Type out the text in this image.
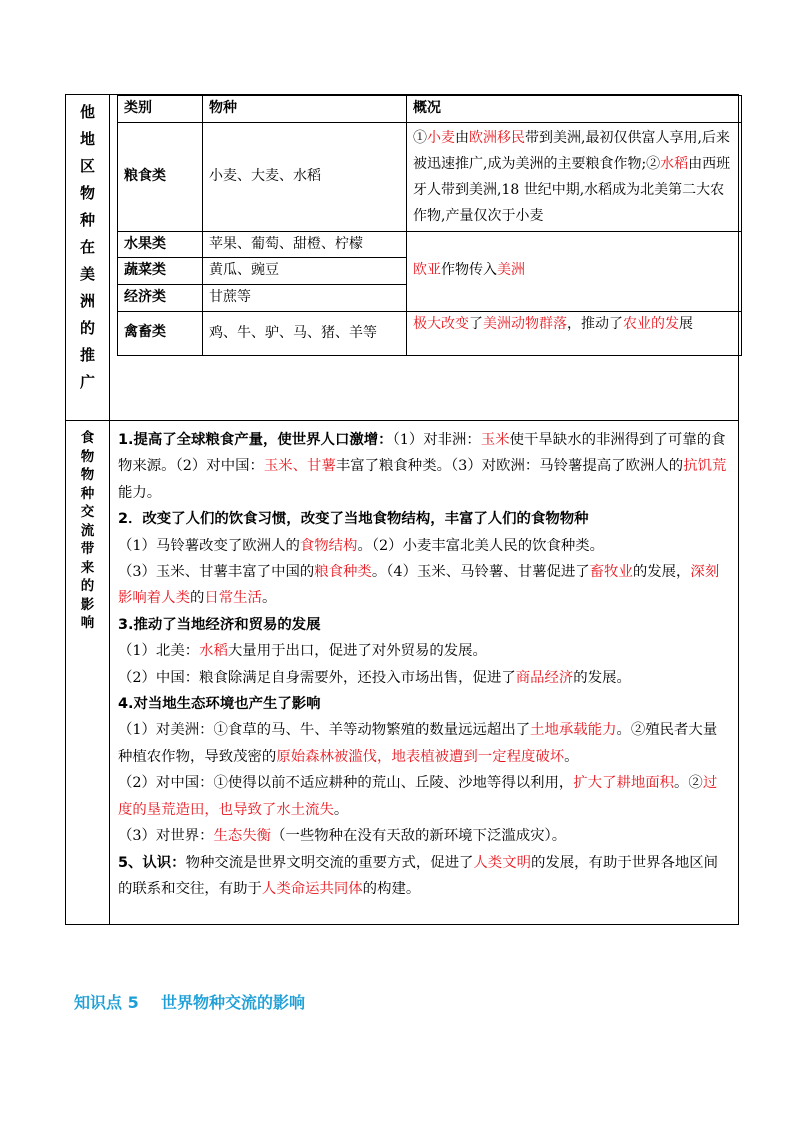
他
地
区
物
种
在
美
洲
的
推
广

类别	物种	概况
粮食类	小麦、大麦、水稻	①小麦由欧洲移民带到美洲,最初仅供富人享用,后来被迅速推广,成为美洲的主要粮食作物;②水稻由西班牙人带到美洲,18 世纪中期,水稻成为北美第二大农作物,产量仅次于小麦
水果类	苹果、葡萄、甜橙、柠檬	欧亚作物传入美洲
蔬菜类	黄瓜、豌豆
经济类	甘蔗等
禽畜类	鸡、牛、驴、马、猪、羊等	极大改变了美洲动物群落，推动了农业的发展

食
物
物
种
交
流
带
来
的
影
响

1.提高了全球粮食产量，使世界人口激增：（1）对非洲：玉米使干旱缺水的非洲得到了可靠的食物来源。（2）对中国：玉米、甘薯丰富了粮食种类。（3）对欧洲：马铃薯提高了欧洲人的抗饥荒能力。

2．改变了人们的饮食习惯，改变了当地食物结构，丰富了人们的食物物种

（1）马铃薯改变了欧洲人的食物结构。（2）小麦丰富北美人民的饮食种类。

（3）玉米、甘薯丰富了中国的粮食种类。（4）玉米、马铃薯、甘薯促进了畜牧业的发展，深刻影响着人类的日常生活。

3.推动了当地经济和贸易的发展

（1）北美：水稻大量用于出口，促进了对外贸易的发展。

（2）中国：粮食除满足自身需要外，还投入市场出售，促进了商品经济的发展。

4.对当地生态环境也产生了影响

（1）对美洲：①食草的马、牛、羊等动物繁殖的数量远远超出了土地承载能力。②殖民者大量种植农作物，导致茂密的原始森林被滥伐，地表植被遭到一定程度破坏。

（2）对中国：①使得以前不适应耕种的荒山、丘陵、沙地等得以利用，扩大了耕地面积。②过度的垦荒造田，也导致了水土流失。

（3）对世界：生态失衡（一些物种在没有天敌的新环境下泛滥成灾）。

5、认识：物种交流是世界文明交流的重要方式，促进了人类文明的发展，有助于世界各地区间的联系和交往，有助于人类命运共同体的构建。

知识点 5    世界物种交流的影响
